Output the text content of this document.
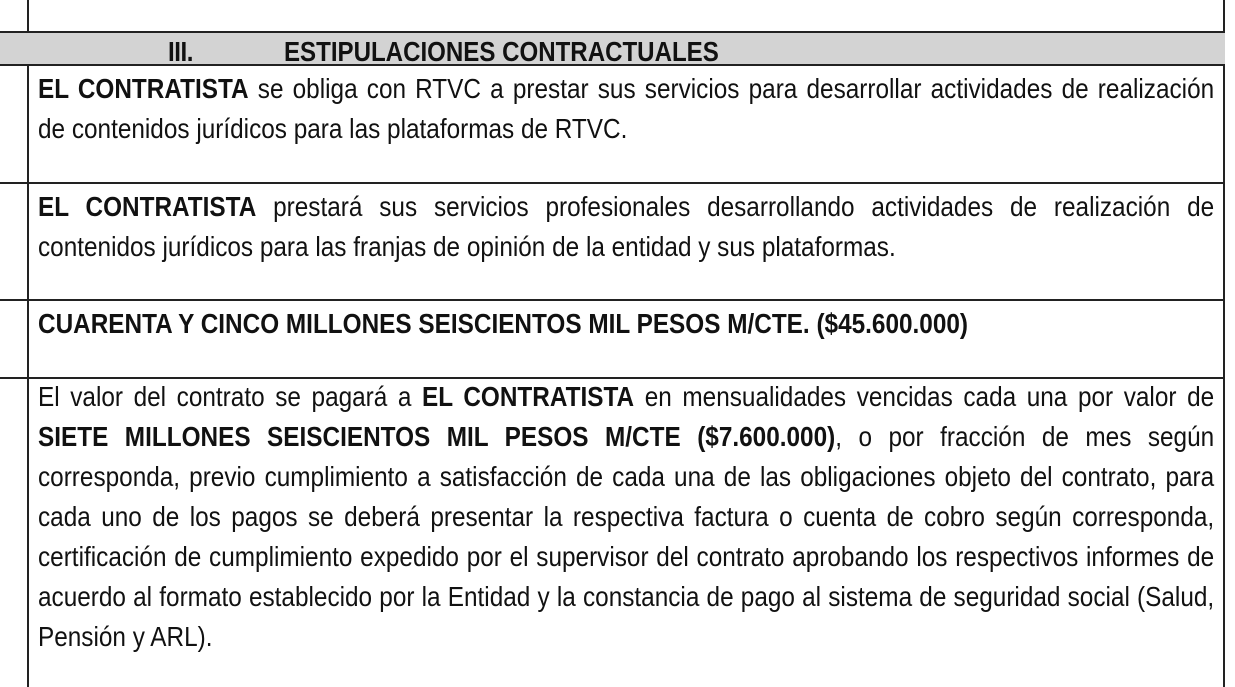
III.	ESTIPULACIONES CONTRACTUALES

EL CONTRATISTA se obliga con RTVC a prestar sus servicios para desarrollar actividades de realización de contenidos jurídicos para las plataformas de RTVC.

EL CONTRATISTA prestará sus servicios profesionales desarrollando actividades de realización de contenidos jurídicos para las franjas de opinión de la entidad y sus plataformas.

CUARENTA Y CINCO MILLONES SEISCIENTOS MIL PESOS M/CTE. ($45.600.000)

El valor del contrato se pagará a EL CONTRATISTA en mensualidades vencidas cada una por valor de SIETE MILLONES SEISCIENTOS MIL PESOS M/CTE ($7.600.000), o por fracción de mes según corresponda, previo cumplimiento a satisfacción de cada una de las obligaciones objeto del contrato, para cada uno de los pagos se deberá presentar la respectiva factura o cuenta de cobro según corresponda, certificación de cumplimiento expedido por el supervisor del contrato aprobando los respectivos informes de acuerdo al formato establecido por la Entidad y la constancia de pago al sistema de seguridad social (Salud, Pensión y ARL).
